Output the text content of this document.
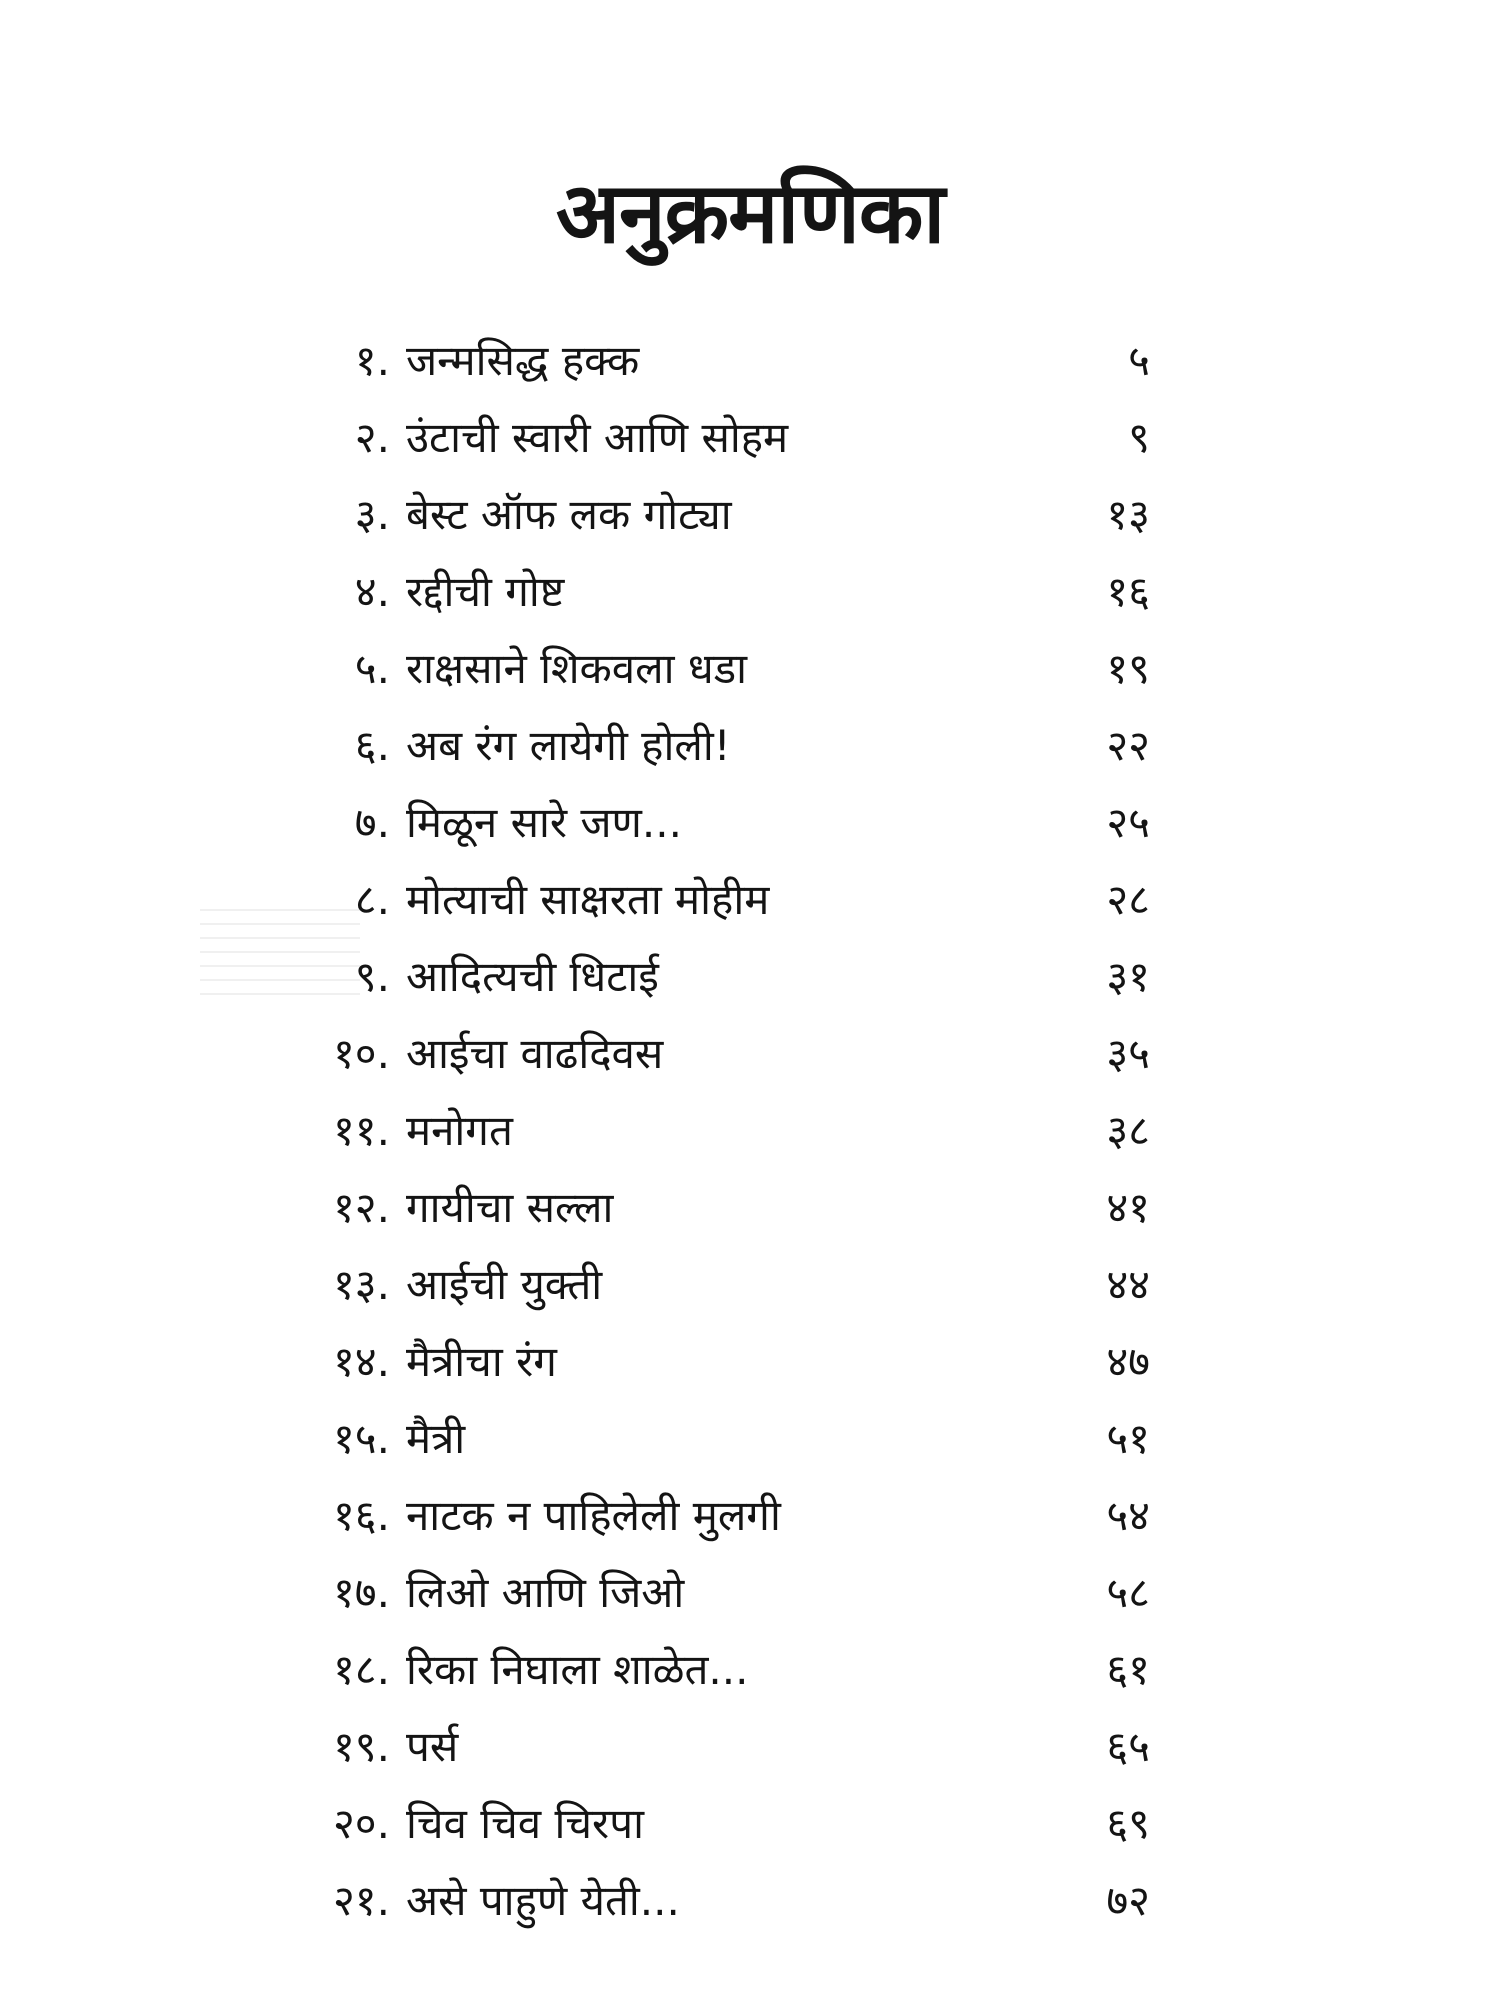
अनुक्रमणिका
१. जन्मसिद्ध हक्क	५
२. उंटाची स्वारी आणि सोहम	९
३. बेस्ट ऑफ लक गोट्या	१३
४. रद्दीची गोष्ट	१६
५. राक्षसाने शिकवला धडा	१९
६. अब रंग लायेगी होली!	२२
७. मिळून सारे जण...	२५
८. मोत्याची साक्षरता मोहीम	२८
९. आदित्यची धिटाई	३१
१०. आईचा वाढदिवस	३५
११. मनोगत	३८
१२. गायीचा सल्ला	४१
१३. आईची युक्ती	४४
१४. मैत्रीचा रंग	४७
१५. मैत्री	५१
१६. नाटक न पाहिलेली मुलगी	५४
१७. लिओ आणि जिओ	५८
१८. रिका निघाला शाळेत...	६१
१९. पर्स	६५
२०. चिव चिव चिरपा	६९
२१. असे पाहुणे येती...	७२
